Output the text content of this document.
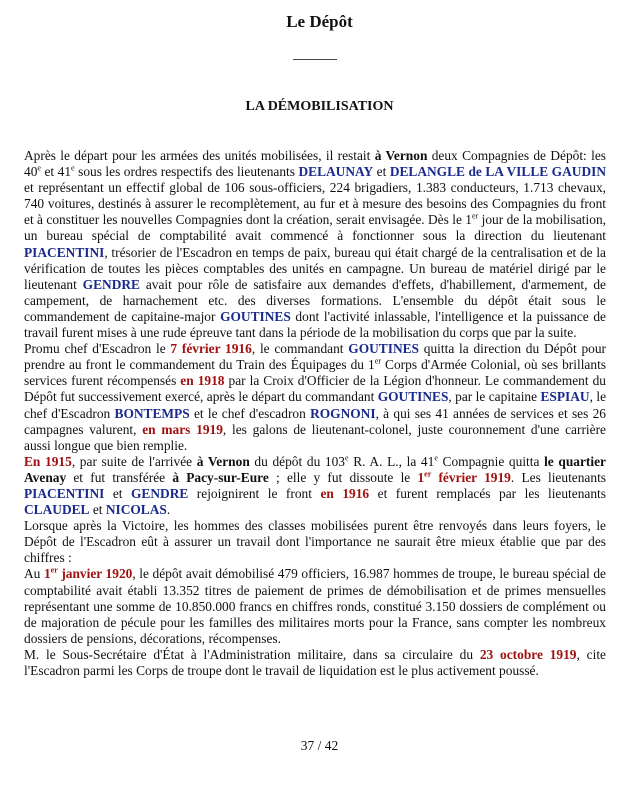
Le Dépôt
LA DÉMOBILISATION

Après le départ pour les armées des unités mobilisées, il restait à Vernon deux Compagnies de Dépôt: les 40e et 41e sous les ordres respectifs des lieutenants DELAUNAY et DELANGLE de LA VILLE GAUDIN et représentant un effectif global de 106 sous-officiers, 224 brigadiers, 1.383 conducteurs, 1.713 chevaux, 740 voitures, destinés à assurer le recomplètement, au fur et à mesure des besoins des Compagnies du front et à constituer les nouvelles Compagnies dont la création, serait envisagée. Dès le 1er jour de la mobilisation, un bureau spécial de comptabilité avait commencé à fonctionner sous la direction du lieutenant PIACENTINI, trésorier de l'Escadron en temps de paix, bureau qui était chargé de la centralisation et de la vérification de toutes les pièces comptables des unités en campagne. Un bureau de matériel dirigé par le lieutenant GENDRE avait pour rôle de satisfaire aux demandes d'effets, d'habillement, d'armement, de campement, de harnachement etc. des diverses formations. L'ensemble du dépôt était sous le commandement de capitaine-major GOUTINES dont l'activité inlassable, l'intelligence et la puissance de travail furent mises à une rude épreuve tant dans la période de la mobilisation du corps que par la suite.

Promu chef d'Escadron le 7 février 1916, le commandant GOUTINES quitta la direction du Dépôt pour prendre au front le commandement du Train des Équipages du 1er Corps d'Armée Colonial, où ses brillants services furent récompensés en 1918 par la Croix d'Officier de la Légion d'honneur. Le commandement du Dépôt fut successivement exercé, après le départ du commandant GOUTINES, par le capitaine ESPIAU, le chef d'Escadron BONTEMPS et le chef d'escadron ROGNONI, à qui ses 41 années de services et ses 26 campagnes valurent, en mars 1919, les galons de lieutenant-colonel, juste couronnement d'une carrière aussi longue que bien remplie.

En 1915, par suite de l'arrivée à Vernon du dépôt du 103e R. A. L., la 41e Compagnie quitta le quartier Avenay et fut transférée à Pacy-sur-Eure ; elle y fut dissoute le 1er février 1919. Les lieutenants PIACENTINI et GENDRE rejoignirent le front en 1916 et furent remplacés par les lieutenants CLAUDEL et NICOLAS.

Lorsque après la Victoire, les hommes des classes mobilisées purent être renvoyés dans leurs foyers, le Dépôt de l'Escadron eût à assurer un travail dont l'importance ne saurait être mieux établie que par des chiffres :

Au 1er janvier 1920, le dépôt avait démobilisé 479 officiers, 16.987 hommes de troupe, le bureau spécial de comptabilité avait établi 13.352 titres de paiement de primes de démobilisation et de primes mensuelles représentant une somme de 10.850.000 francs en chiffres ronds, constitué 3.150 dossiers de complément ou de majoration de pécule pour les familles des militaires morts pour la France, sans compter les nombreux dossiers de pensions, décorations, récompenses.

M. le Sous-Secrétaire d'État à l'Administration militaire, dans sa circulaire du 23 octobre 1919, cite l'Escadron parmi les Corps de troupe dont le travail de liquidation est le plus activement poussé.

37 / 42
